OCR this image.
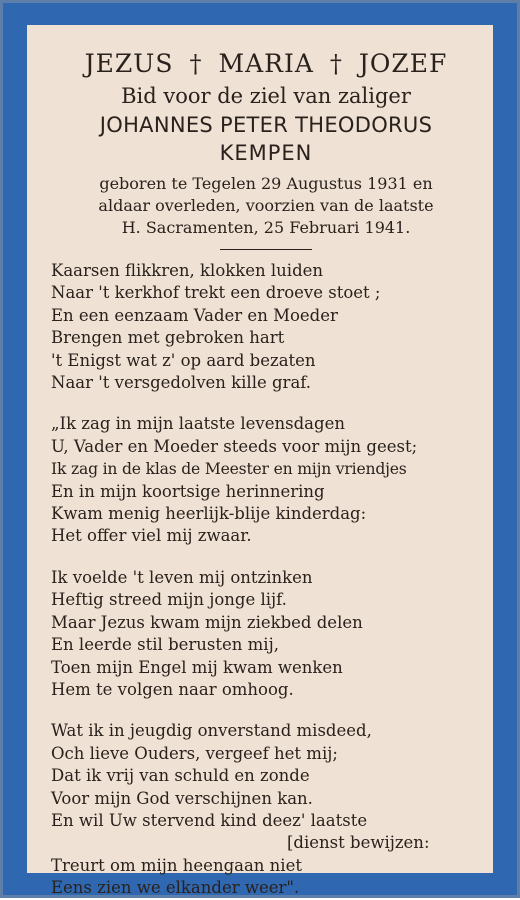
JEZUS † MARIA † JOZEF
Bid voor de ziel van zaliger
JOHANNES PETER THEODORUS
KEMPEN
geboren te Tegelen 29 Augustus 1931 en
aldaar overleden, voorzien van de laatste
H. Sacramenten, 25 Februari 1941.
Kaarsen flikkren, klokken luiden
Naar 't kerkhof trekt een droeve stoet ;
En een eenzaam Vader en Moeder
Brengen met gebroken hart
't Enigst wat z' op aard bezaten
Naar 't versgedolven kille graf.
„Ik zag in mijn laatste levensdagen
U, Vader en Moeder steeds voor mijn geest;
Ik zag in de klas de Meester en mijn vriendjes
En in mijn koortsige herinnering
Kwam menig heerlijk-blije kinderdag:
Het offer viel mij zwaar.
Ik voelde 't leven mij ontzinken
Heftig streed mijn jonge lijf.
Maar Jezus kwam mijn ziekbed delen
En leerde stil berusten mij,
Toen mijn Engel mij kwam wenken
Hem te volgen naar omhoog.
Wat ik in jeugdig onverstand misdeed,
Och lieve Ouders, vergeef het mij;
Dat ik vrij van schuld en zonde
Voor mijn God verschijnen kan.
En wil Uw stervend kind deez' laatste
[dienst bewijzen:
Treurt om mijn heengaan niet
Eens zien we elkander weer".
